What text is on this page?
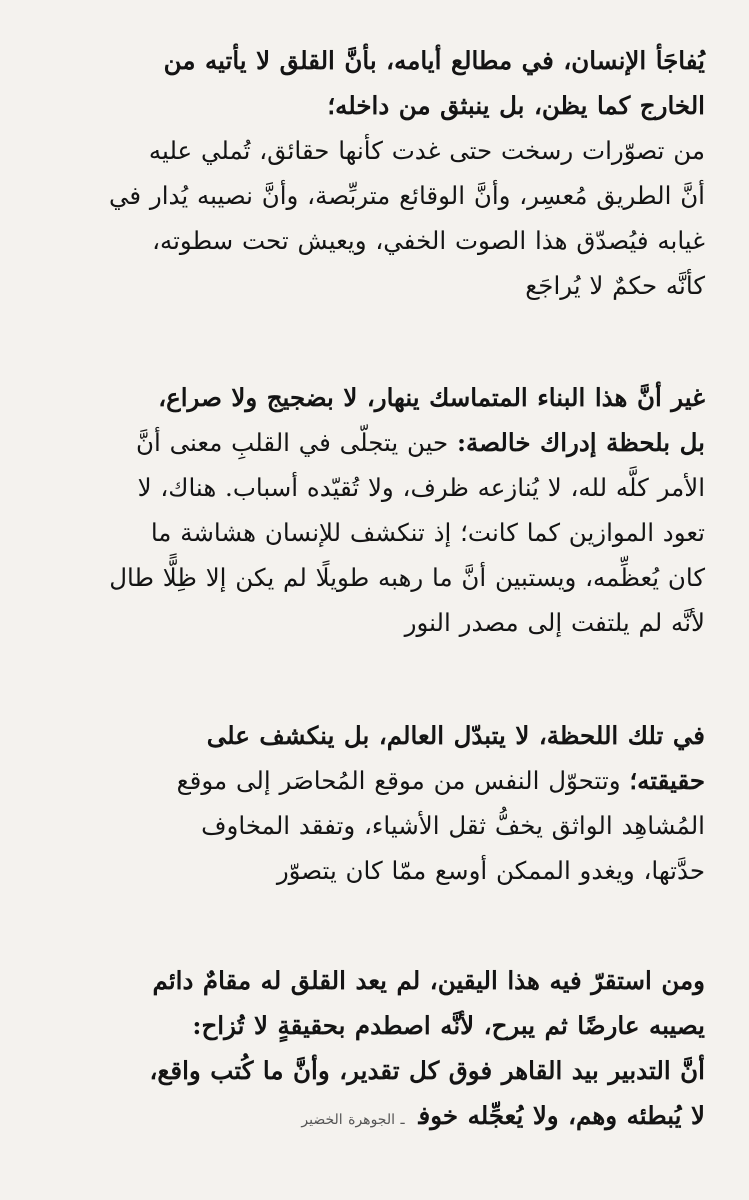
يُفاجَأ الإنسان، في مطالع أيامه، بأنَّ القلق لا يأتيه من
الخارج كما يظن، بل ينبثق من داخله؛
من تصوّرات رسخت حتى غدت كأنها حقائق، تُملي عليه
أنَّ الطريق مُعسِر، وأنَّ الوقائع متربِّصة، وأنَّ نصيبه يُدار في
غيابه فيُصدّق هذا الصوت الخفي، ويعيش تحت سطوته،
كأنَّه حكمٌ لا يُراجَع
غير أنَّ هذا البناء المتماسك ينهار، لا بضجيج ولا صراع،
بل بلحظة إدراك خالصة: حين يتجلّى في القلبِ معنى أنَّ
الأمر كلَّه لله، لا يُنازعه ظرف، ولا تُقيّده أسباب. هناك، لا
تعود الموازين كما كانت؛ إذ تنكشف للإنسان هشاشة ما
كان يُعظِّمه، ويستبين أنَّ ما رهبه طويلًا لم يكن إلا ظِلًّا طال
لأنَّه لم يلتفت إلى مصدر النور
في تلك اللحظة، لا يتبدّل العالم، بل ينكشف على
حقيقته؛ وتتحوّل النفس من موقع المُحاصَر إلى موقع
المُشاهِد الواثق يخفُّ ثقل الأشياء، وتفقد المخاوف
حدَّتها، ويغدو الممكن أوسع ممّا كان يتصوّر
ومن استقرّ فيه هذا اليقين، لم يعد القلق له مقامٌ دائم
يصيبه عارضًا ثم يبرح، لأنَّه اصطدم بحقيقةٍ لا تُزاح:
أنَّ التدبير بيد القاهر فوق كل تقدير، وأنَّ ما كُتب واقع،
لا يُبطئه وهم، ولا يُعجِّله خوفـ الجوهرة الخضير
